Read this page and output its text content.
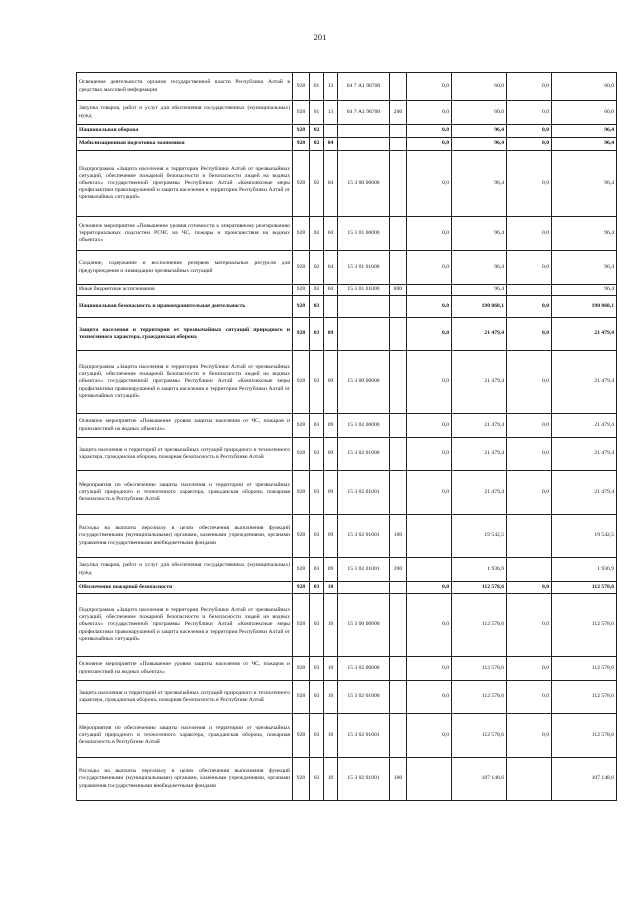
201
Освещение деятельности органов государственной власти Республики Алтай в средствах массовой информации	928	01	13	04 7 А1 98700		0,0	60,0	0,0	60,0
Закупка товаров, работ и услуг для обеспечения государственных (муниципальных) нужд	928	01	13	04 7 А1 98700	200	0,0	60,0	0,0	60,0
Национальная оборона	928	02				0,0	96,4	0,0	96,4
Мобилизационная подготовка экономики	928	02	04			0,0	96,4	0,0	96,4
Подпрограмма «Защита населения и территории Республики Алтай от чрезвычайных ситуаций, обеспечение пожарной безопасности и безопасности людей на водных объектах» государственной программы Республики Алтай «Комплексные меры профилактики правонарушений и защита населения и территории Республики Алтай от чрезвычайных ситуаций»	928	02	04	15 3 00 00000		0,0	96,4	0,0	96,4
Основное мероприятие «Повышение уровня готовности к оперативному реагированию территориальных подсистем РСЧС на ЧС, пожары и происшествия на водных объектах»	928	02	04	15 3 01 00000		0,0	96,4	0,0	96,4
Создание, содержание и восполнение резервов материальных ресурсов для предупреждения и ликвидации чрезвычайных ситуаций	928	02	04	15 3 01 01000		0,0	96,4	0,0	96,4
Иные бюджетные ассигнования	928	02	04	15 3 01 01000	800		96,4		96,4
Национальная безопасность и правоохранительная деятельность	928	03				0,0	190 068,1	0,0	190 068,1
Защита населения и территории от чрезвычайных ситуаций природного и техногенного характера, гражданская оборона	928	03	09			0,0	21 479,4	0,0	21 479,4
Подпрограмма «Защита населения и территории Республики Алтай от чрезвычайных ситуаций, обеспечение пожарной безопасности и безопасности людей на водных объектах» государственной программы Республики Алтай «Комплексные меры профилактики правонарушений и защита населения и территории Республики Алтай от чрезвычайных ситуаций»	928	03	09	15 3 00 00000		0,0	21 479,4	0,0	21 479,4
Основное мероприятие «Повышение уровня защиты населения от ЧС, пожаров и происшествий на водных объектах»	928	03	09	15 3 02 00000		0,0	21 479,4	0,0	21 479,4
Защита населения и территорий от чрезвычайных ситуаций природного и техногенного характера, гражданская оборона, пожарная безопасность в Республике Алтай	928	03	09	15 3 02 01000		0,0	21 479,4	0,0	21 479,4
Мероприятия по обеспечению защиты населения и территории от чрезвычайных ситуаций природного и техногенного характера, гражданская оборона, пожарная безопасность в Республике Алтай	928	03	09	15 3 02 01001		0,0	21 479,4	0,0	21 479,4
Расходы на выплаты персоналу в целях обеспечения выполнения функций государственными (муниципальными) органами, казенными учреждениями, органами управления государственными внебюджетными фондами	928	03	09	15 3 02 01001	100		19 542,5		19 542,5
Закупка товаров, работ и услуг для обеспечения государственных (муниципальных) нужд	928	03	09	15 3 02 01001	200		1 936,9		1 936,9
Обеспечение пожарной безопасности	928	03	10			0,0	112 578,6	0,0	112 578,6
Подпрограмма «Защита населения и территории Республики Алтай от чрезвычайных ситуаций, обеспечение пожарной безопасности и безопасности людей на водных объектах» государственной программы Республики Алтай «Комплексные меры профилактики правонарушений и защита населения и территории Республики Алтай от чрезвычайных ситуаций»	928	03	10	15 3 00 00000		0,0	112 578,6	0,0	112 578,6
Основное мероприятие «Повышение уровня защиты населения от ЧС, пожаров и происшествий на водных объектах»	928	03	10	15 3 02 00000		0,0	112 578,6	0,0	112 578,6
Защита населения и территорий от чрезвычайных ситуаций природного и техногенного характера, гражданская оборона, пожарная безопасность в Республике Алтай	928	03	10	15 3 02 01000		0,0	112 578,6	0,0	112 578,6
Мероприятия по обеспечению защиты населения и территории от чрезвычайных ситуаций природного и техногенного характера, гражданская оборона, пожарная безопасность в Республике Алтай	928	03	10	15 3 02 01001		0,0	112 578,6	0,0	112 578,6
Расходы на выплаты персоналу в целях обеспечения выполнения функций государственными (муниципальными) органами, казенными учреждениями, органами управления государственными внебюджетными фондами	928	03	10	15 3 02 01001	100		107 148,6		107 148,6
